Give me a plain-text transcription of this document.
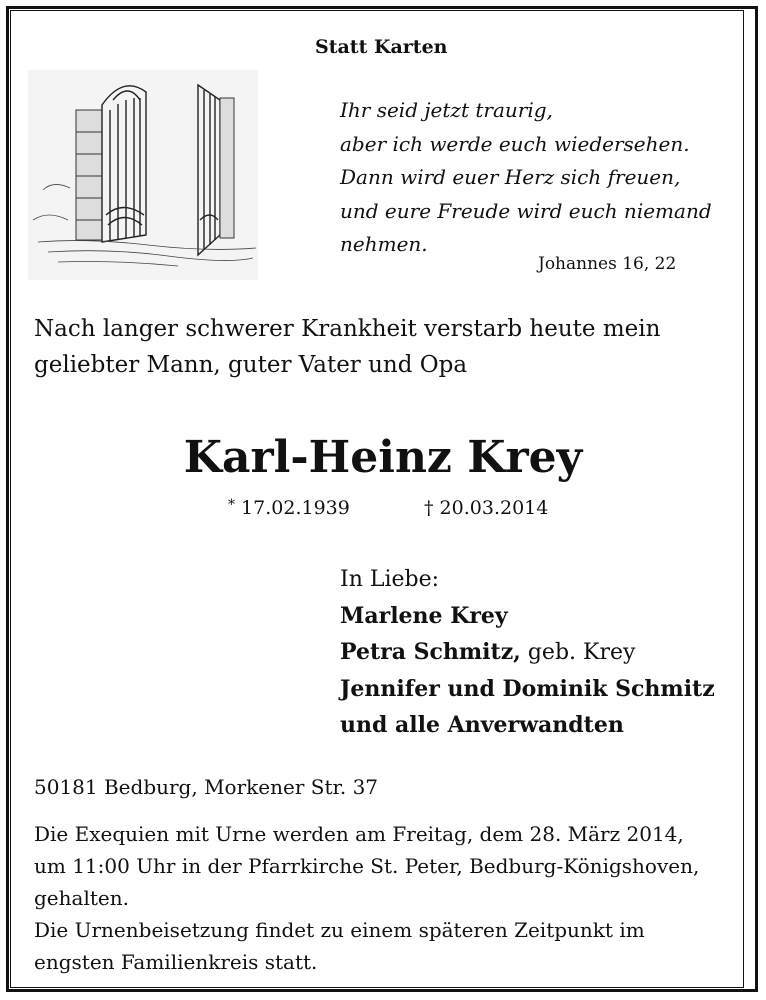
Statt Karten
Ihr seid jetzt traurig,
aber ich werde euch wiedersehen.
Dann wird euer Herz sich freuen,
und eure Freude wird euch niemand
nehmen.
Johannes 16, 22
Nach langer schwerer Krankheit verstarb heute mein
geliebter Mann, guter Vater und Opa
Karl-Heinz Krey
* 17.02.1939	† 20.03.2014
In Liebe:
Marlene Krey
Petra Schmitz, geb. Krey
Jennifer und Dominik Schmitz
und alle Anverwandten
50181 Bedburg, Morkener Str. 37
Die Exequien mit Urne werden am Freitag, dem 28. März 2014,
um 11:00 Uhr in der Pfarrkirche St. Peter, Bedburg-Königshoven,
gehalten.
Die Urnenbeisetzung findet zu einem späteren Zeitpunkt im
engsten Familienkreis statt.
